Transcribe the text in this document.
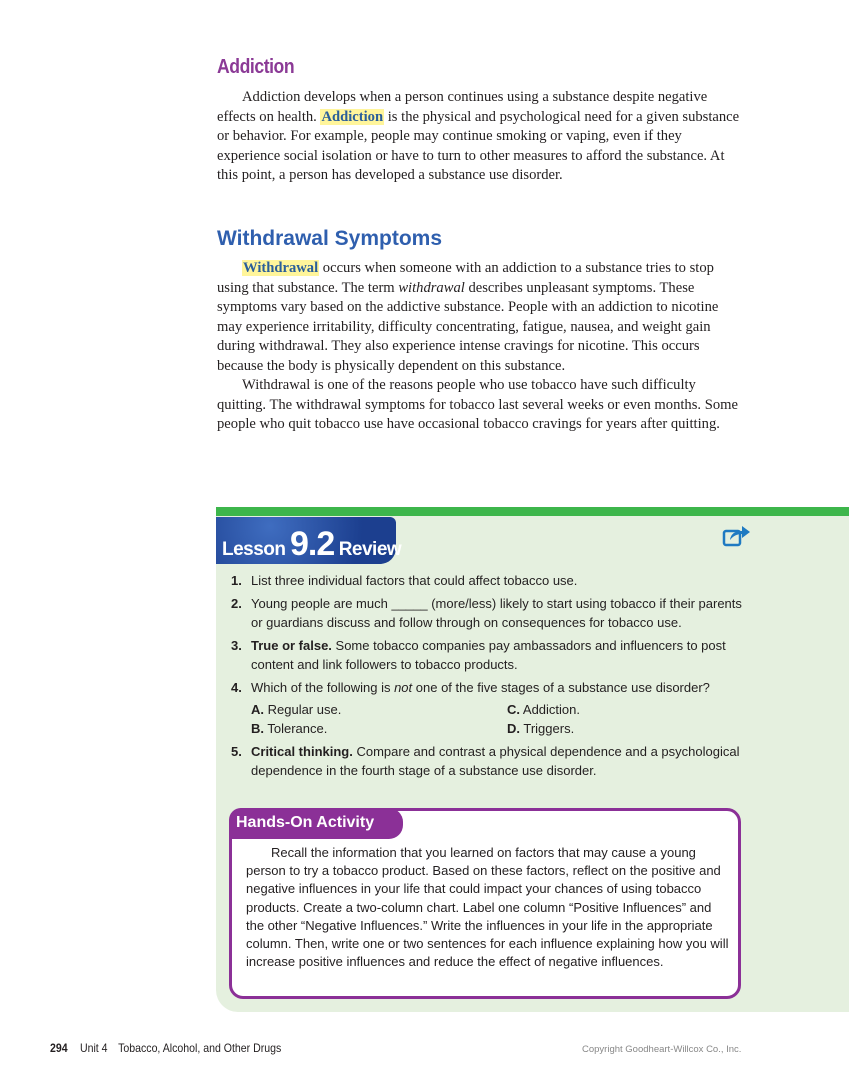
Addiction

Addiction develops when a person continues using a substance despite negative effects on health. Addiction is the physical and psychological need for a given substance or behavior. For example, people may continue smoking or vaping, even if they experience social isolation or have to turn to other measures to afford the substance. At this point, a person has developed a substance use disorder.

Withdrawal Symptoms

Withdrawal occurs when someone with an addiction to a substance tries to stop using that substance. The term withdrawal describes unpleasant symptoms. These symptoms vary based on the addictive substance. People with an addiction to nicotine may experience irritability, difficulty concentrating, fatigue, nausea, and weight gain during withdrawal. They also experience intense cravings for nicotine. This occurs because the body is physically dependent on this substance.

Withdrawal is one of the reasons people who use tobacco have such difficulty quitting. The withdrawal symptoms for tobacco last several weeks or even months. Some people who quit tobacco use have occasional tobacco cravings for years after quitting.

Lesson 9.2 Review
1. List three individual factors that could affect tobacco use.
2. Young people are much _____ (more/less) likely to start using tobacco if their parents or guardians discuss and follow through on consequences for tobacco use.
3. True or false. Some tobacco companies pay ambassadors and influencers to post content and link followers to tobacco products.
4. Which of the following is not one of the five stages of a substance use disorder?
A. Regular use.	C. Addiction.
B. Tolerance.	D. Triggers.
5. Critical thinking. Compare and contrast a physical dependence and a psychological dependence in the fourth stage of a substance use disorder.
Hands-On Activity

Recall the information that you learned on factors that may cause a young person to try a tobacco product. Based on these factors, reflect on the positive and negative influences in your life that could impact your chances of using tobacco products. Create a two-column chart. Label one column “Positive Influences” and the other “Negative Influences.” Write the influences in your life in the appropriate column. Then, write one or two sentences for each influence explaining how you will increase positive influences and reduce the effect of negative influences.

294 Unit 4 Tobacco, Alcohol, and Other Drugs	Copyright Goodheart-Willcox Co., Inc.
